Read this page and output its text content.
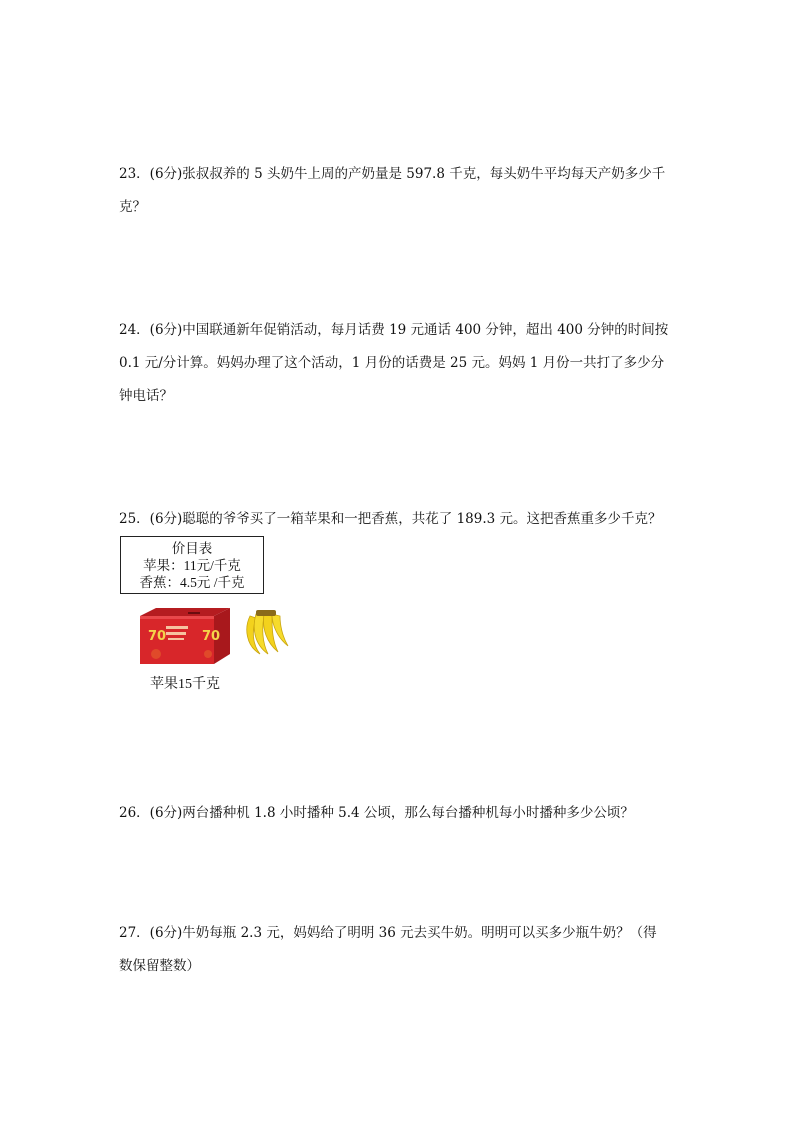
23．(6分)张叔叔养的 5 头奶牛上周的产奶量是 597.8 千克，每头奶牛平均每天产奶多少千

克？

24．(6分)中国联通新年促销活动，每月话费 19 元通话 400 分钟，超出 400 分钟的时间按

0.1 元/分计算。妈妈办理了这个活动，1 月份的话费是 25 元。妈妈 1 月份一共打了多少分

钟电话？

25．(6分)聪聪的爷爷买了一箱苹果和一把香蕉，共花了 189.3 元。这把香蕉重多少千克？

价目表
苹果：11元/千克
香蕉：4.5元 /千克
70	70
苹果15千克

26．(6分)两台播种机 1.8 小时播种 5.4 公顷，那么每台播种机每小时播种多少公顷？

27．(6分)牛奶每瓶 2.3 元，妈妈给了明明 36 元去买牛奶。明明可以买多少瓶牛奶？（得

数保留整数）
